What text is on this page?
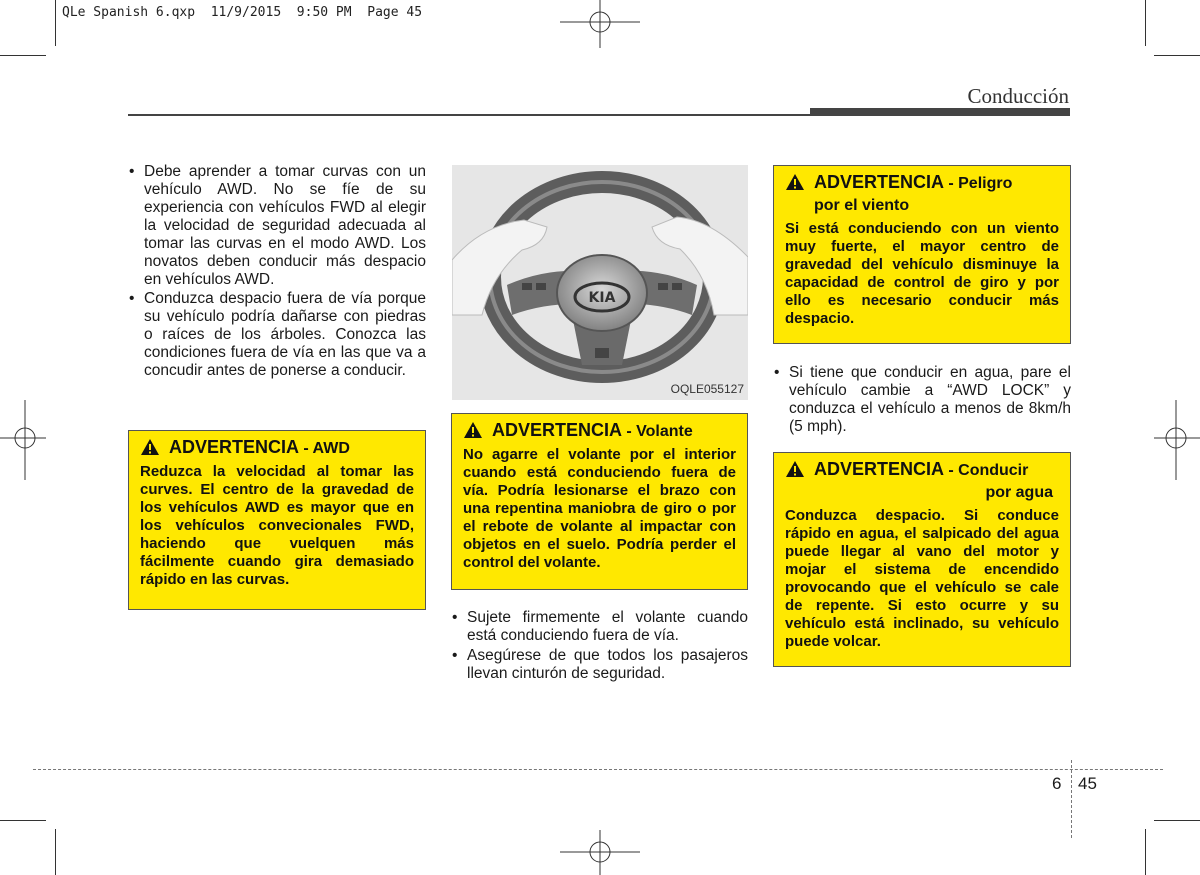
QLe Spanish 6.qxp  11/9/2015  9:50 PM  Page 45
Conducción
• Debe aprender a tomar curvas con un vehículo AWD. No se fíe de su experiencia con vehículos FWD al elegir la velocidad de seguridad adecuada al tomar las curvas en el modo AWD. Los novatos deben conducir más despacio en vehículos AWD.
• Conduzca despacio fuera de vía porque su vehículo podría dañarse con piedras o raíces de los árboles. Conozca las condiciones fuera de vía en las que va a concudir antes de ponerse a conducir.
ADVERTENCIA - AWD
Reduzca la velocidad al tomar las curves. El centro de la gravedad de los vehículos AWD es mayor que en los vehículos convecionales FWD, haciendo que vuelquen más fácilmente cuando gira demasiado rápido en las curvas.
KIA
OQLE055127
ADVERTENCIA - Volante
No agarre el volante por el interior cuando está conduciendo fuera de vía. Podría lesionarse el brazo con una repentina maniobra de giro o por el rebote de volante al impactar con objetos en el suelo. Podría perder el control del volante.
• Sujete firmemente el volante cuando está conduciendo fuera de vía.
• Asegúrese de que todos los pasajeros llevan cinturón de seguridad.
ADVERTENCIA - Peligro
por el viento
Si está conduciendo con un viento muy fuerte, el mayor centro de gravedad del vehículo disminuye la capacidad de control de giro y por ello es necesario conducir más despacio.
• Si tiene que conducir en agua, pare el vehículo cambie a “AWD LOCK” y conduzca el vehículo a menos de 8km/h (5 mph).
ADVERTENCIA - Conducir
por agua
Conduzca despacio. Si conduce rápido en agua, el salpicado del agua puede llegar al vano del motor y mojar el sistema de encendido provocando que el vehículo se cale de repente. Si esto ocurre y su vehículo está inclinado, su vehículo puede volcar.
6 45
